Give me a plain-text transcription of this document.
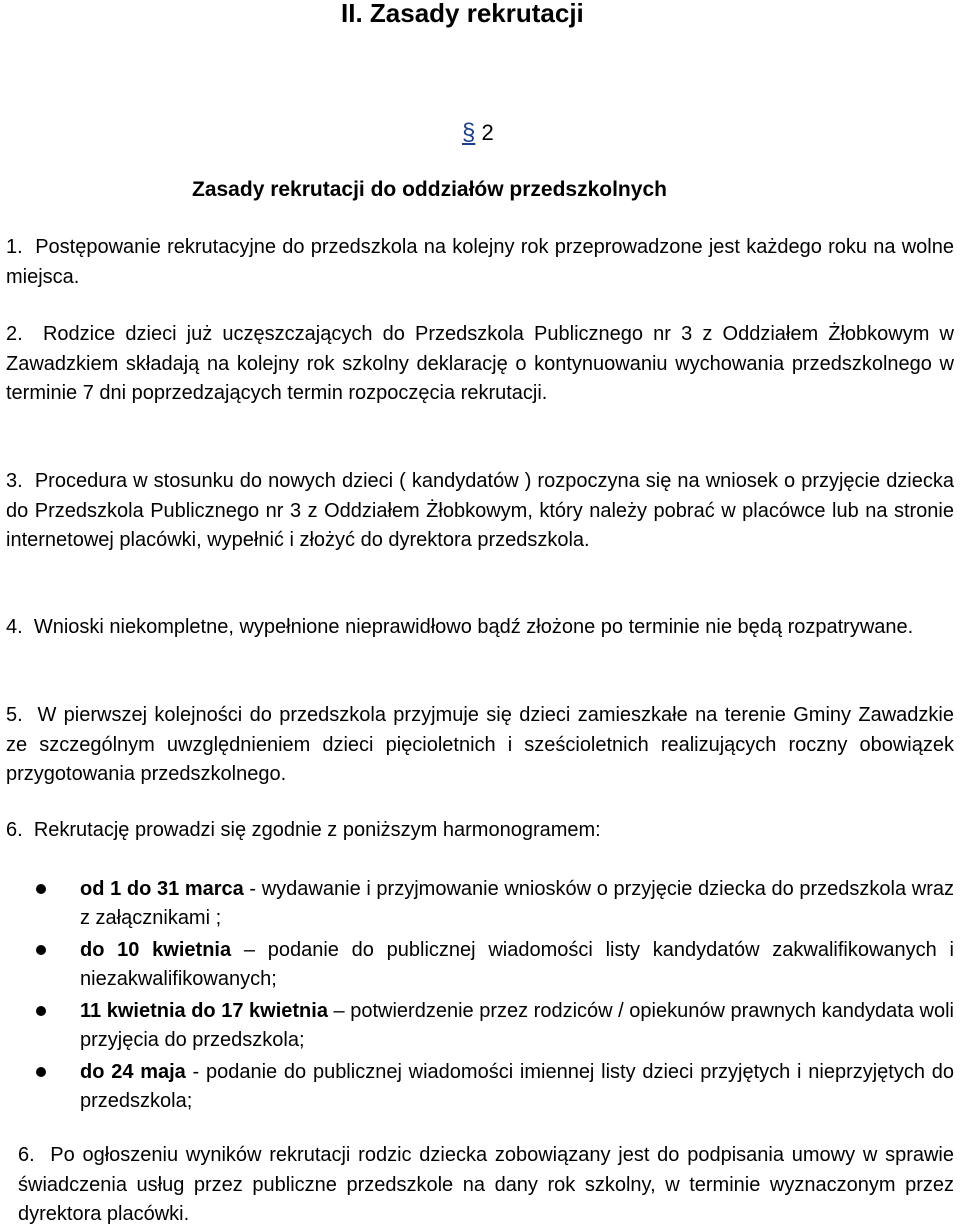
II. Zasady rekrutacji
§ 2
Zasady rekrutacji do oddziałów przedszkolnych
1. Postępowanie rekrutacyjne do przedszkola na kolejny rok przeprowadzone jest każdego roku na wolne miejsca.
2. Rodzice dzieci już uczęszczających do Przedszkola Publicznego nr 3 z Oddziałem Żłobkowym w Zawadzkiem składają na kolejny rok szkolny deklarację o kontynuowaniu wychowania przedszkolnego w terminie 7 dni poprzedzających termin rozpoczęcia rekrutacji.
3. Procedura w stosunku do nowych dzieci ( kandydatów ) rozpoczyna się na wniosek o przyjęcie dziecka do Przedszkola Publicznego nr 3 z Oddziałem Żłobkowym, który należy pobrać w placówce lub na stronie internetowej placówki, wypełnić i złożyć do dyrektora przedszkola.
4. Wnioski niekompletne, wypełnione nieprawidłowo bądź złożone po terminie nie będą rozpatrywane.
5. W pierwszej kolejności do przedszkola przyjmuje się dzieci zamieszkałe na terenie Gminy Zawadzkie ze szczególnym uwzględnieniem dzieci pięcioletnich i sześcioletnich realizujących roczny obowiązek przygotowania przedszkolnego.
6. Rekrutację prowadzi się zgodnie z poniższym harmonogramem:
od 1 do 31 marca - wydawanie i przyjmowanie wniosków o przyjęcie dziecka do przedszkola wraz z załącznikami ;
do 10 kwietnia – podanie do publicznej wiadomości listy kandydatów zakwalifikowanych i niezakwalifikowanych;
11 kwietnia do 17 kwietnia – potwierdzenie przez rodziców / opiekunów prawnych kandydata woli przyjęcia do przedszkola;
do 24 maja - podanie do publicznej wiadomości imiennej listy dzieci przyjętych i nieprzyjętych do przedszkola;
6. Po ogłoszeniu wyników rekrutacji rodzic dziecka zobowiązany jest do podpisania umowy w sprawie świadczenia usług przez publiczne przedszkole na dany rok szkolny, w terminie wyznaczonym przez dyrektora placówki.
